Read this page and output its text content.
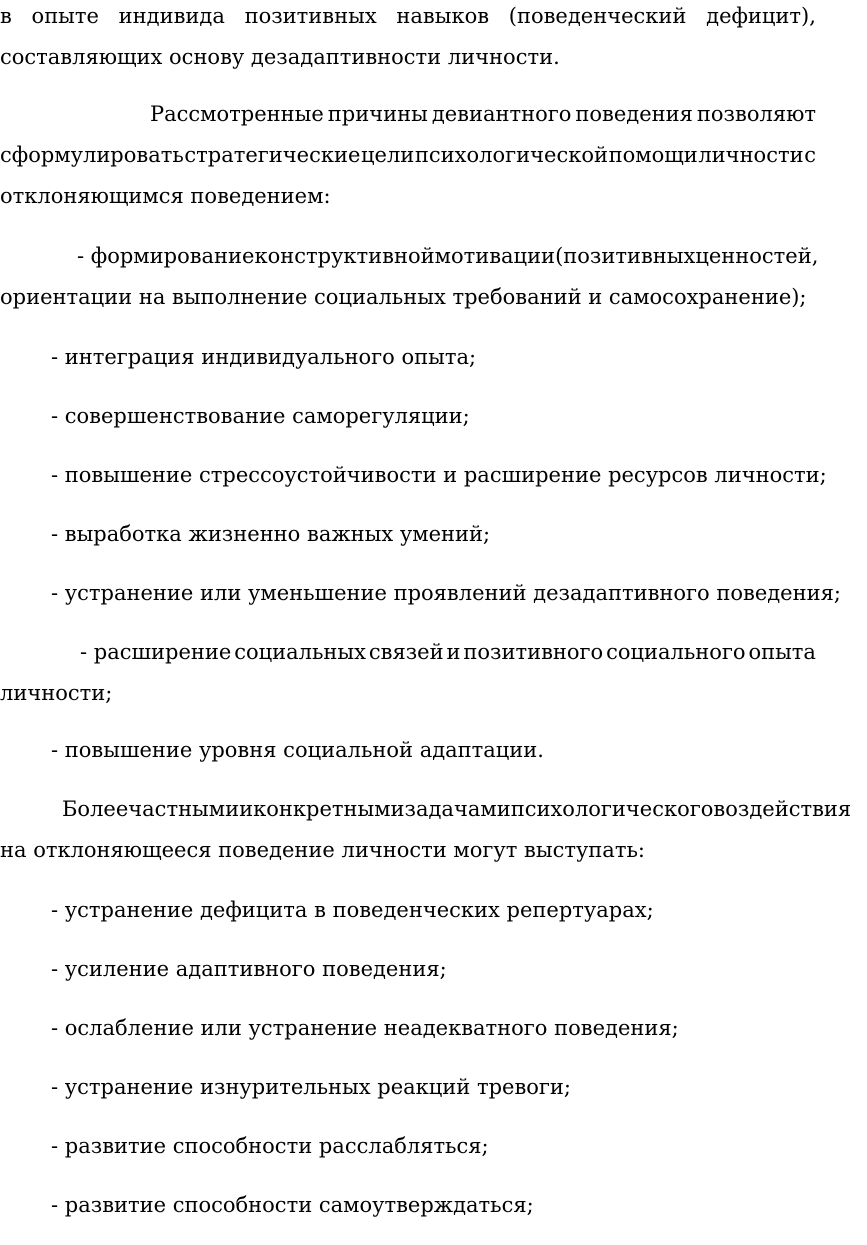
в опыте индивида позитивных навыков (поведенческий дефицит),
составляющих основу дезадаптивности личности.
Рассмотренные причины девиантного поведения позволяют
сформулировать стратегические цели психологической помощи личности с
отклоняющимся поведением:
- формирование конструктивной мотивации (позитивных ценностей,
ориентации на выполнение социальных требований и самосохранение);
- интеграция индивидуального опыта;
- совершенствование саморегуляции;
- повышение стрессоустойчивости и расширение ресурсов личности;
- выработка жизненно важных умений;
- устранение или уменьшение проявлений дезадаптивного поведения;
- расширение социальных связей и позитивного социального опыта
личности;
- повышение уровня социальной адаптации.
Более частными и конкретными задачами психологического воздействия
на отклоняющееся поведение личности могут выступать:
- устранение дефицита в поведенческих репертуарах;
- усиление адаптивного поведения;
- ослабление или устранение неадекватного поведения;
- устранение изнурительных реакций тревоги;
- развитие способности расслабляться;
- развитие способности самоутверждаться;
